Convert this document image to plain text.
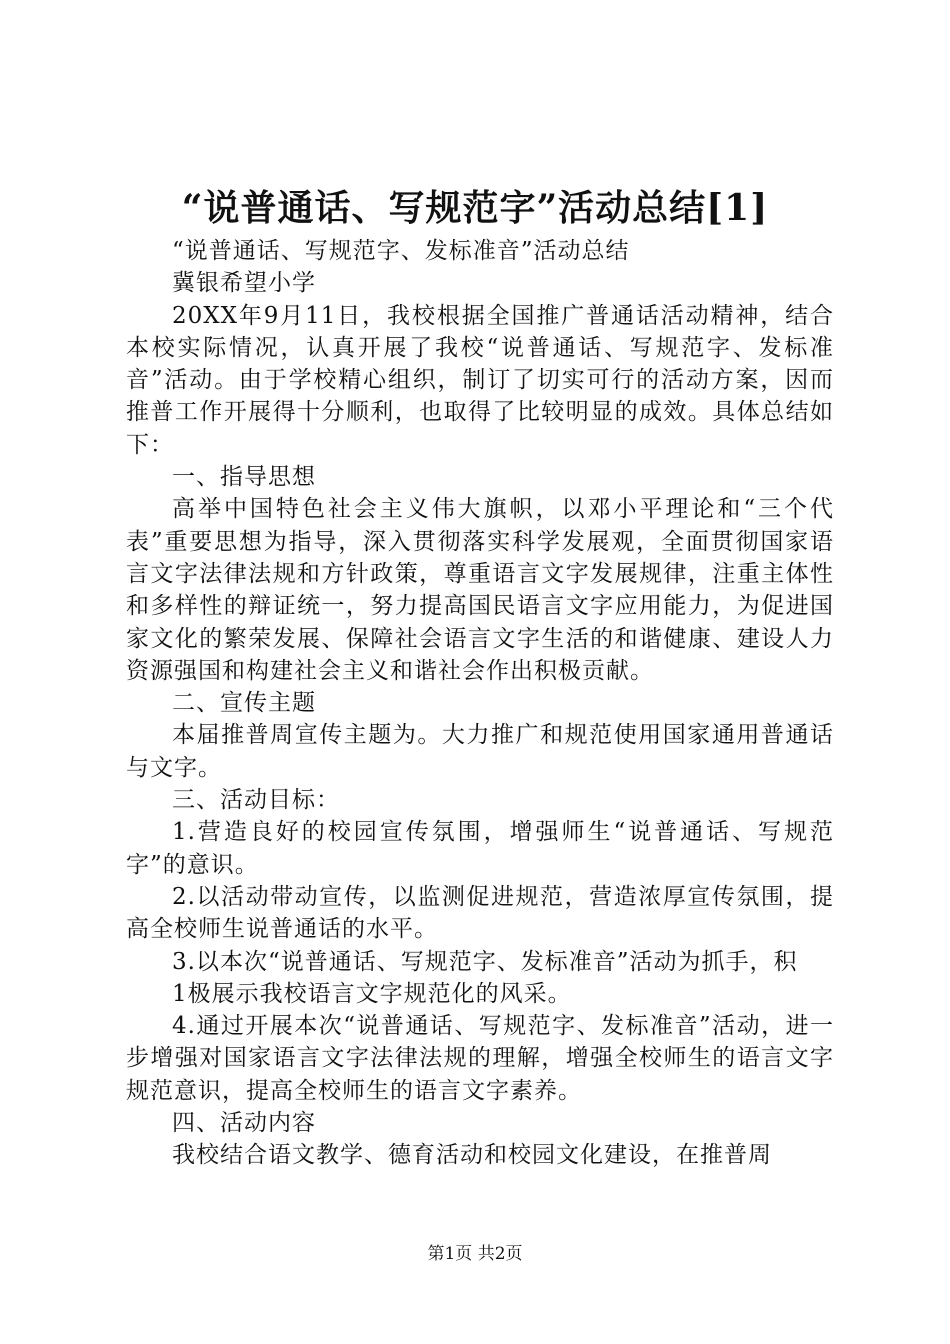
“说普通话、写规范字”活动总结[1]

“说普通话、写规范字、发标准音”活动总结

冀银希望小学

20XX年9月11日，我校根据全国推广普通话活动精神，结合本校实际情况，认真开展了我校“说普通话、写规范字、发标准音”活动。由于学校精心组织，制订了切实可行的活动方案，因而推普工作开展得十分顺利，也取得了比较明显的成效。具体总结如下：

一、指导思想

高举中国特色社会主义伟大旗帜，以邓小平理论和“三个代表”重要思想为指导，深入贯彻落实科学发展观，全面贯彻国家语言文字法律法规和方针政策，尊重语言文字发展规律，注重主体性和多样性的辩证统一，努力提高国民语言文字应用能力，为促进国家文化的繁荣发展、保障社会语言文字生活的和谐健康、建设人力资源强国和构建社会主义和谐社会作出积极贡献。

二、宣传主题

本届推普周宣传主题为。大力推广和规范使用国家通用普通话与文字。

三、活动目标：

1.营造良好的校园宣传氛围，增强师生“说普通话、写规范字”的意识。

2.以活动带动宣传，以监测促进规范，营造浓厚宣传氛围，提高全校师生说普通话的水平。

3.以本次“说普通话、写规范字、发标准音”活动为抓手，积

1极展示我校语言文字规范化的风采。

4.通过开展本次“说普通话、写规范字、发标准音”活动，进一步增强对国家语言文字法律法规的理解，增强全校师生的语言文字规范意识，提高全校师生的语言文字素养。

四、活动内容

我校结合语文教学、德育活动和校园文化建设，在推普周

第1页 共2页
